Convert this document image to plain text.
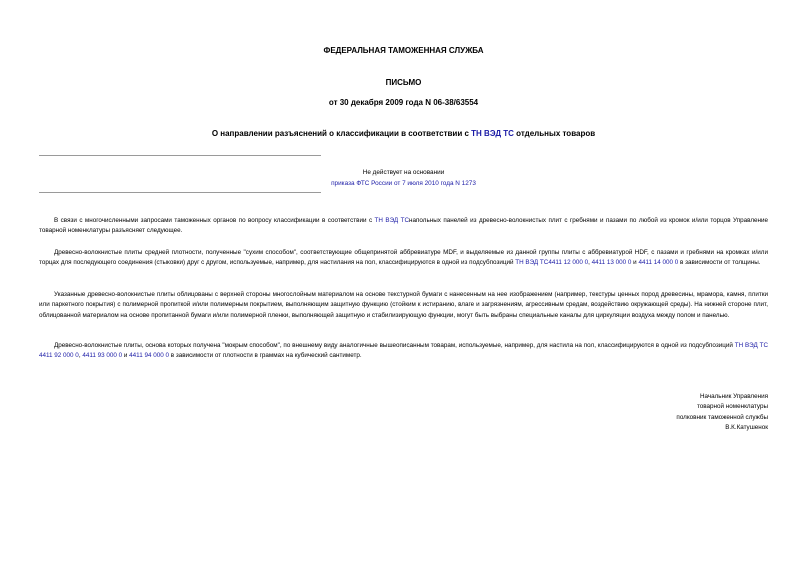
ФЕДЕРАЛЬНАЯ ТАМОЖЕННАЯ СЛУЖБА
ПИСЬМО
от 30 декабря 2009 года N 06-38/63554
О направлении разъяснений о классификации в соответствии с ТН ВЭД ТС отдельных товаров
Не действует на основании
приказа ФТС России от 7 июля 2010 года N 1273
В связи с многочисленными запросами таможенных органов по вопросу классификации в соответствии с ТН ВЭД ТСнапольных панелей из древесно-волокнистых плит с гребнями и пазами по любой из кромок и/или торцов Управление товарной номенклатуры разъясняет следующее.
Древесно-волокнистые плиты средней плотности, полученные "сухим способом", соответствующие общепринятой аббревиатуре MDF, и выделяемые из данной группы плиты с аббревиатурой HDF, с пазами и гребнями на кромках и/или торцах для последующего соединения (стыковки) друг с другом, используемые, например, для настилания на пол, классифицируются в одной из подсубпозиций ТН ВЭД ТС4411 12 000 0, 4411 13 000 0 и 4411 14 000 0 в зависимости от толщины.
Указанные древесно-волокнистые плиты облицованы с верхней стороны многослойным материалом на основе текстурной бумаги с нанесенным на нее изображением (например, текстуры ценных пород древесины, мрамора, камня, плитки или паркетного покрытия) с полимерной пропиткой и/или полимерным покрытием, выполняющим защитную функцию (стойким к истиранию, влаге и загрязнениям, агрессивным средам, воздействию окружающей среды). На нижней стороне плит, облицованной материалом на основе пропитанной бумаги и/или полимерной пленки, выполняющей защитную и стабилизирующую функции, могут быть выбраны специальные каналы для циркуляции воздуха между полом и панелью.
Древесно-волокнистые плиты, основа которых получена "мокрым способом", по внешнему виду аналогичные вышеописанным товарам, используемые, например, для настила на пол, классифицируются в одной из подсубпозиций ТН ВЭД ТС 4411 92 000 0, 4411 93 000 0 и 4411 94 000 0 в зависимости от плотности в граммах на кубический сантиметр.
Начальник Управления
товарной номенклатуры
полковник таможенной службы
В.К.Катушенок
